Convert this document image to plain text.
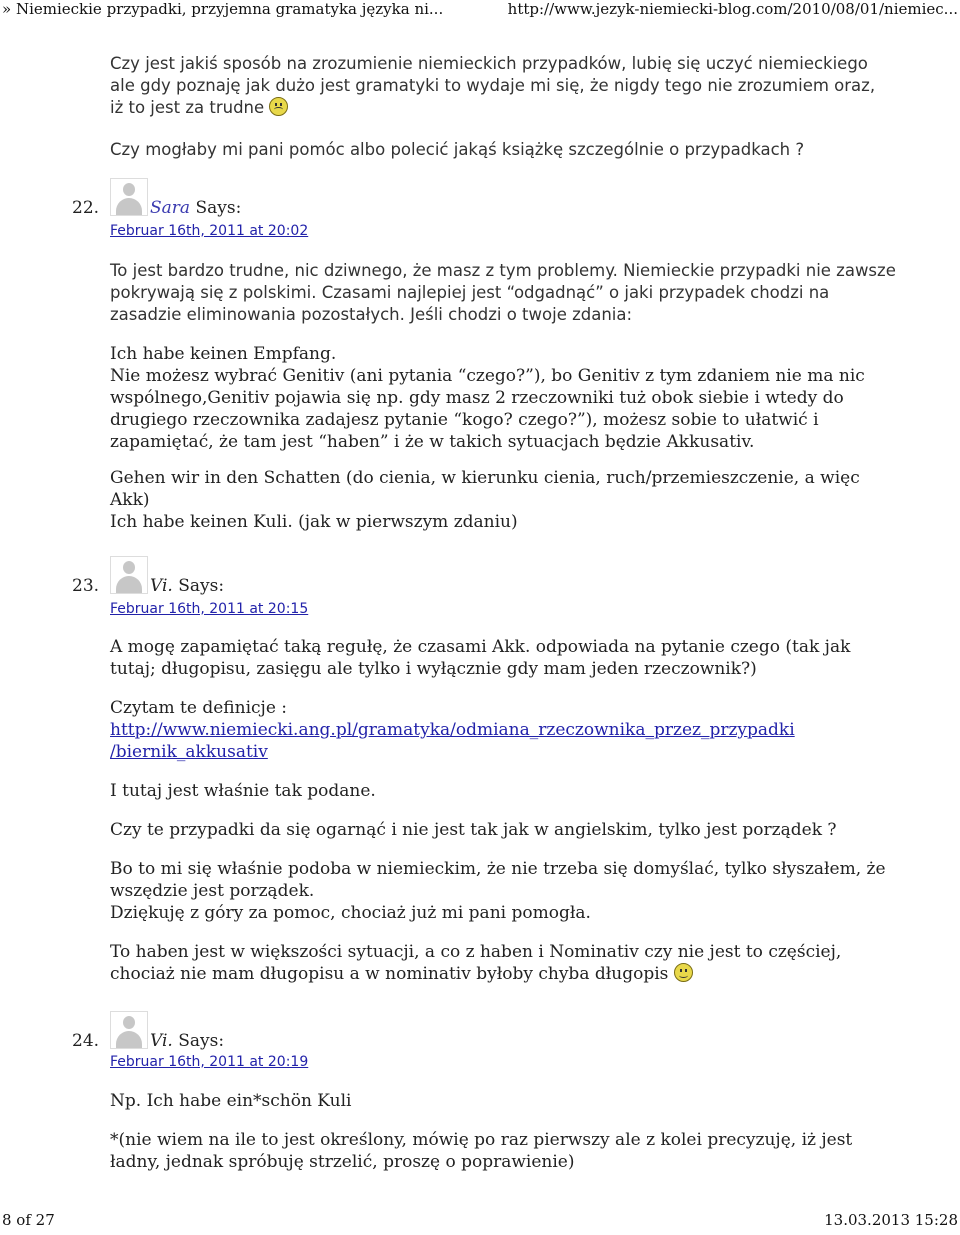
» Niemieckie przypadki, przyjemna gramatyka języka ni...	http://www.jezyk-niemiecki-blog.com/2010/08/01/niemiec...

Czy jest jakiś sposób na zrozumienie niemieckich przypadków, lubię się uczyć niemieckiego ale gdy poznaję jak dużo jest gramatyki to wydaje mi się, że nigdy tego nie zrozumiem oraz, iż to jest za trudne

Czy mogłaby mi pani pomóc albo polecić jakąś książkę szczególnie o przypadkach ?

22.	Sara Says:
Februar 16th, 2011 at 20:02

To jest bardzo trudne, nic dziwnego, że masz z tym problemy. Niemieckie przypadki nie zawsze pokrywają się z polskimi. Czasami najlepiej jest “odgadnąć” o jaki przypadek chodzi na zasadzie eliminowania pozostałych. Jeśli chodzi o twoje zdania:

Ich habe keinen Empfang.

Nie możesz wybrać Genitiv (ani pytania “czego?”), bo Genitiv z tym zdaniem nie ma nic wspólnego,Genitiv pojawia się np. gdy masz 2 rzeczowniki tuż obok siebie i wtedy do drugiego rzeczownika zadajesz pytanie “kogo? czego?”), możesz sobie to ułatwić i zapamiętać, że tam jest “haben” i że w takich sytuacjach będzie Akkusativ.

Gehen wir in den Schatten (do cienia, w kierunku cienia, ruch/przemieszczenie, a więc Akk)

Ich habe keinen Kuli. (jak w pierwszym zdaniu)

23.	Vi. Says:
Februar 16th, 2011 at 20:15

A mogę zapamiętać taką regułę, że czasami Akk. odpowiada na pytanie czego (tak jak tutaj; długopisu, zasięgu ale tylko i wyłącznie gdy mam jeden rzeczownik?)

Czytam te definicje :

http://www.niemiecki.ang.pl/gramatyka/odmiana_rzeczownika_przez_przypadki

/biernik_akkusativ

I tutaj jest właśnie tak podane.

Czy te przypadki da się ogarnąć i nie jest tak jak w angielskim, tylko jest porządek ?

Bo to mi się właśnie podoba w niemieckim, że nie trzeba się domyślać, tylko słyszałem, że wszędzie jest porządek.

Dziękuję z góry za pomoc, chociaż już mi pani pomogła.

To haben jest w większości sytuacji, a co z haben i Nominativ czy nie jest to częściej, chociaż nie mam długopisu a w nominativ byłoby chyba długopis

24.	Vi. Says:
Februar 16th, 2011 at 20:19

Np. Ich habe ein*schön Kuli

*(nie wiem na ile to jest określony, mówię po raz pierwszy ale z kolei precyzuję, iż jest ładny, jednak spróbuję strzelić, proszę o poprawienie)

8 of 27	13.03.2013 15:28
